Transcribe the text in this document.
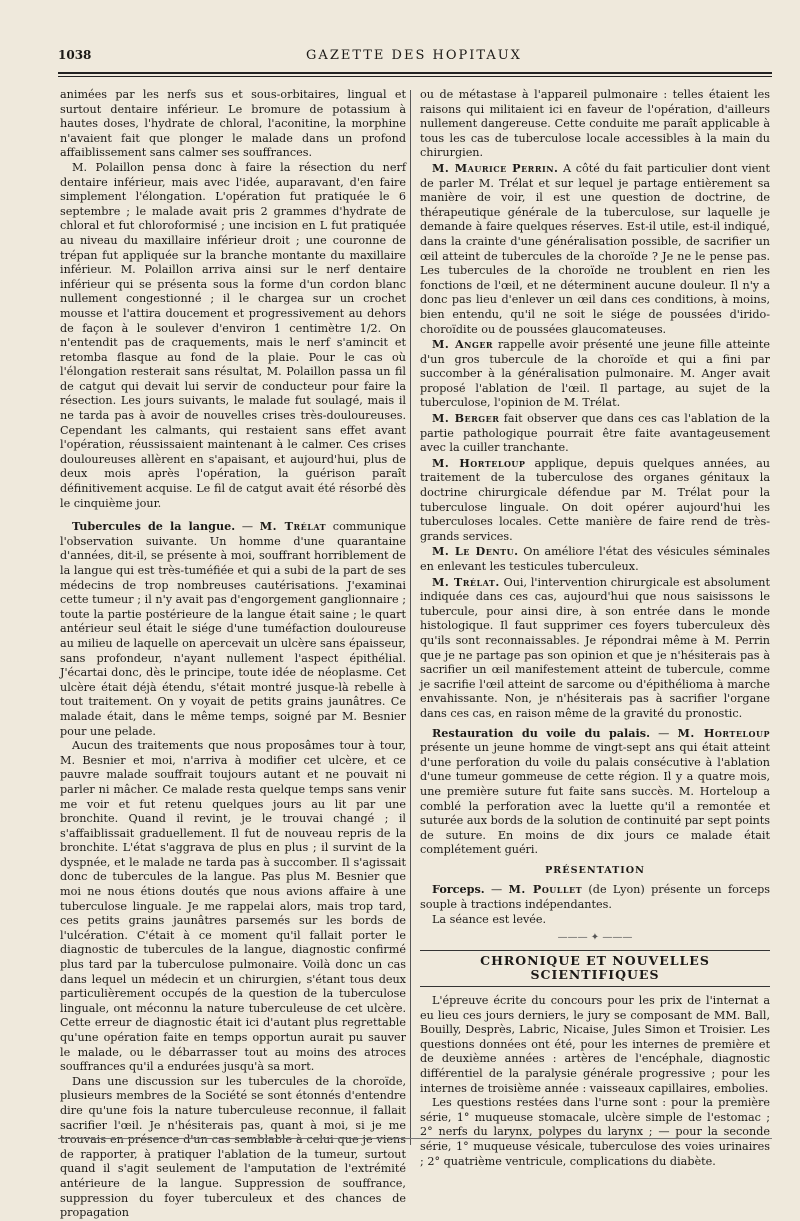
1038	GAZETTE DES HOPITAUX

animées par les nerfs sus et sous-orbitaires, lingual et surtout dentaire inférieur. Le bromure de potassium à hautes doses, l'hydrate de chloral, l'aconitine, la morphine n'avaient fait que plonger le malade dans un profond affaiblissement sans calmer ses souffrances.

M. Polaillon pensa donc à faire la résection du nerf dentaire inférieur, mais avec l'idée, auparavant, d'en faire simplement l'élongation. L'opération fut pratiquée le 6 septembre ; le malade avait pris 2 grammes d'hydrate de chloral et fut chloroformisé ; une incision en L fut pratiquée au niveau du maxillaire inférieur droit ; une couronne de trépan fut appliquée sur la branche montante du maxillaire inférieur. M. Polaillon arriva ainsi sur le nerf dentaire inférieur qui se présenta sous la forme d'un cordon blanc nullement congestionné ; il le chargea sur un crochet mousse et l'attira doucement et progressivement au dehors de façon à le soulever d'environ 1 centimètre 1/2. On n'entendit pas de craquements, mais le nerf s'amincit et retomba flasque au fond de la plaie. Pour le cas où l'élongation resterait sans résultat, M. Polaillon passa un fil de catgut qui devait lui servir de conducteur pour faire la résection. Les jours suivants, le malade fut soulagé, mais il ne tarda pas à avoir de nouvelles crises très-douloureuses. Cependant les calmants, qui restaient sans effet avant l'opération, réussissaient maintenant à le calmer. Ces crises douloureuses allèrent en s'apaisant, et aujourd'hui, plus de deux mois après l'opération, la guérison paraît définitivement acquise. Le fil de catgut avait été résorbé dès le cinquième jour.

Tubercules de la langue. — M. Trélat communique l'observation suivante. Un homme d'une quarantaine d'années, dit-il, se présente à moi, souffrant horriblement de la langue qui est très-tuméfiée et qui a subi de la part de ses médecins de trop nombreuses cautérisations. J'examinai cette tumeur ; il n'y avait pas d'engorgement ganglionnaire ; toute la partie postérieure de la langue était saine ; le quart antérieur seul était le siége d'une tuméfaction douloureuse au milieu de laquelle on apercevait un ulcère sans épaisseur, sans profondeur, n'ayant nullement l'aspect épithélial. J'écartai donc, dès le principe, toute idée de néoplasme. Cet ulcère était déjà étendu, s'était montré jusque-là rebelle à tout traitement. On y voyait de petits grains jaunâtres. Ce malade était, dans le même temps, soigné par M. Besnier pour une pelade.

Aucun des traitements que nous proposâmes tour à tour, M. Besnier et moi, n'arriva à modifier cet ulcère, et ce pauvre malade souffrait toujours autant et ne pouvait ni parler ni mâcher. Ce malade resta quelque temps sans venir me voir et fut retenu quelques jours au lit par une bronchite. Quand il revint, je le trouvai changé ; il s'affaiblissait graduellement. Il fut de nouveau repris de la bronchite. L'état s'aggrava de plus en plus ; il survint de la dyspnée, et le malade ne tarda pas à succomber. Il s'agissait donc de tubercules de la langue. Pas plus M. Besnier que moi ne nous étions doutés que nous avions affaire à une tuberculose linguale. Je me rappelai alors, mais trop tard, ces petits grains jaunâtres parsemés sur les bords de l'ulcération. C'était à ce moment qu'il fallait porter le diagnostic de tubercules de la langue, diagnostic confirmé plus tard par la tuberculose pulmonaire. Voilà donc un cas dans lequel un médecin et un chirurgien, s'étant tous deux particulièrement occupés de la question de la tuberculose linguale, ont méconnu la nature tuberculeuse de cet ulcère. Cette erreur de diagnostic était ici d'autant plus regrettable qu'une opération faite en temps opportun aurait pu sauver le malade, ou le débarrasser tout au moins des atroces souffrances qu'il a endurées jusqu'à sa mort.

Dans une discussion sur les tubercules de la choroïde, plusieurs membres de la Société se sont étonnés d'entendre dire qu'une fois la nature tuberculeuse reconnue, il fallait sacrifier l'œil. Je n'hésiterais pas, quant à moi, si je me trouvais en présence d'un cas semblable à celui que je viens de rapporter, à pratiquer l'ablation de la tumeur, surtout quand il s'agit seulement de l'amputation de l'extrémité antérieure de la langue. Suppression de souffrance, suppression du foyer tuberculeux et des chances de propagation

ou de métastase à l'appareil pulmonaire : telles étaient les raisons qui militaient ici en faveur de l'opération, d'ailleurs nullement dangereuse. Cette conduite me paraît applicable à tous les cas de tuberculose locale accessibles à la main du chirurgien.

M. Maurice Perrin. A côté du fait particulier dont vient de parler M. Trélat et sur lequel je partage entièrement sa manière de voir, il est une question de doctrine, de thérapeutique générale de la tuberculose, sur laquelle je demande à faire quelques réserves. Est-il utile, est-il indiqué, dans la crainte d'une généralisation possible, de sacrifier un œil atteint de tubercules de la choroïde ? Je ne le pense pas. Les tubercules de la choroïde ne troublent en rien les fonctions de l'œil, et ne déterminent aucune douleur. Il n'y a donc pas lieu d'enlever un œil dans ces conditions, à moins, bien entendu, qu'il ne soit le siége de poussées d'irido-choroïdite ou de poussées glaucomateuses.

M. Anger rappelle avoir présenté une jeune fille atteinte d'un gros tubercule de la choroïde et qui a fini par succomber à la généralisation pulmonaire. M. Anger avait proposé l'ablation de l'œil. Il partage, au sujet de la tuberculose, l'opinion de M. Trélat.

M. Berger fait observer que dans ces cas l'ablation de la partie pathologique pourrait être faite avantageusement avec la cuiller tranchante.

M. Horteloup applique, depuis quelques années, au traitement de la tuberculose des organes génitaux la doctrine chirurgicale défendue par M. Trélat pour la tuberculose linguale. On doit opérer aujourd'hui les tuberculoses locales. Cette manière de faire rend de très-grands services.

M. Le Dentu. On améliore l'état des vésicules séminales en enlevant les testicules tuberculeux.

M. Trélat. Oui, l'intervention chirurgicale est absolument indiquée dans ces cas, aujourd'hui que nous saisissons le tubercule, pour ainsi dire, à son entrée dans le monde histologique. Il faut supprimer ces foyers tuberculeux dès qu'ils sont reconnaissables. Je répondrai même à M. Perrin que je ne partage pas son opinion et que je n'hésiterais pas à sacrifier un œil manifestement atteint de tubercule, comme je sacrifie l'œil atteint de sarcome ou d'épithélioma à marche envahissante. Non, je n'hésiterais pas à sacrifier l'organe dans ces cas, en raison même de la gravité du pronostic.

Restauration du voile du palais. — M. Horteloup présente un jeune homme de vingt-sept ans qui était atteint d'une perforation du voile du palais consécutive à l'ablation d'une tumeur gommeuse de cette région. Il y a quatre mois, une première suture fut faite sans succès. M. Horteloup a comblé la perforation avec la luette qu'il a remontée et suturée aux bords de la solution de continuité par sept points de suture. En moins de dix jours ce malade était complétement guéri.

PRÉSENTATION

Forceps. — M. Poullet (de Lyon) présente un forceps souple à tractions indépendantes.

La séance est levée.

——— ✦ ———
CHRONIQUE ET NOUVELLES SCIENTIFIQUES

L'épreuve écrite du concours pour les prix de l'internat a eu lieu ces jours derniers, le jury se composant de MM. Ball, Bouilly, Desprès, Labric, Nicaise, Jules Simon et Troisier. Les questions données ont été, pour les internes de première et de deuxième années : artères de l'encéphale, diagnostic différentiel de la paralysie générale progressive ; pour les internes de troisième année : vaisseaux capillaires, embolies.

Les questions restées dans l'urne sont : pour la première série, 1° muqueuse stomacale, ulcère simple de l'estomac ; 2° nerfs du larynx, polypes du larynx ; — pour la seconde série, 1° muqueuse vésicale, tuberculose des voies urinaires ; 2° quatrième ventricule, complications du diabète.
